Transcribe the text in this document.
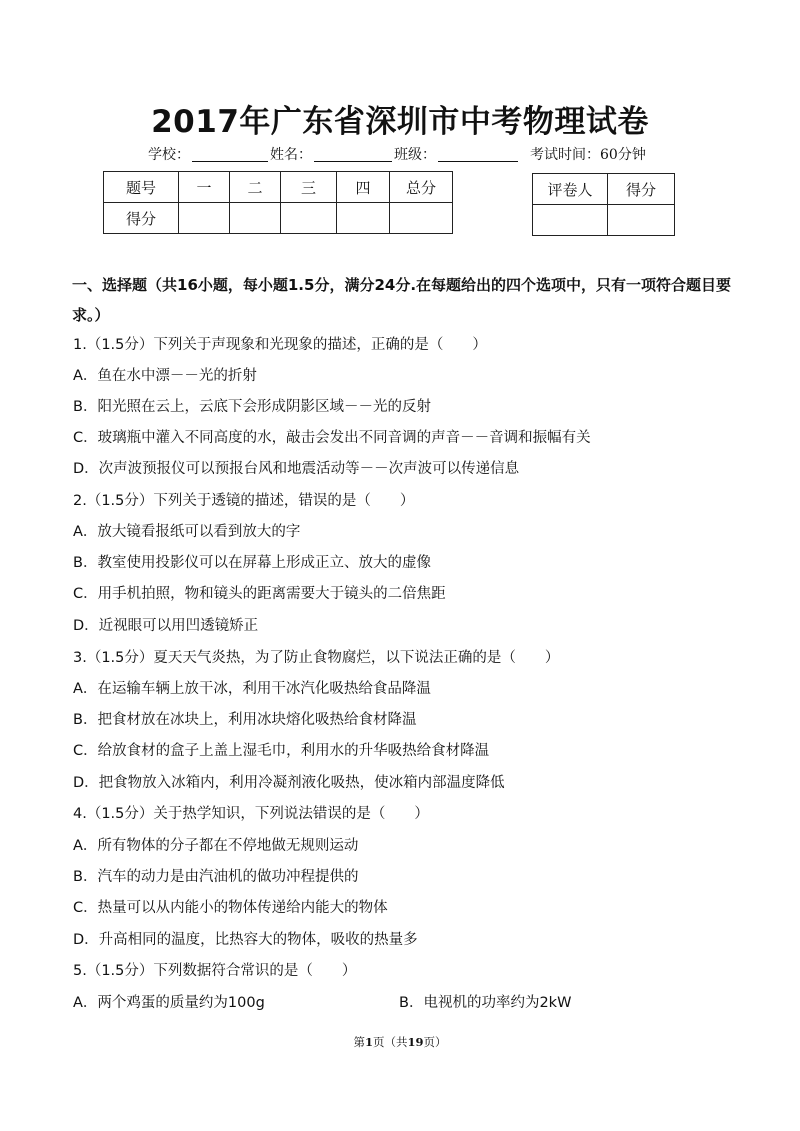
2017年广东省深圳市中考物理试卷
学校：	姓名：	班级：	考试时间：60分钟
题号	一	二	三	四	总分
得分					
评卷人	得分

一、选择题（共16小题，每小题1.5分，满分24分.在每题给出的四个选项中，只有一项符合题目要求。）
1.（1.5分）下列关于声现象和光现象的描述，正确的是（　　）
A．鱼在水中漂－－光的折射
B．阳光照在云上，云底下会形成阴影区域－－光的反射
C．玻璃瓶中灌入不同高度的水，敲击会发出不同音调的声音－－音调和振幅有关
D．次声波预报仪可以预报台风和地震活动等－－次声波可以传递信息
2.（1.5分）下列关于透镜的描述，错误的是（　　）
A．放大镜看报纸可以看到放大的字
B．教室使用投影仪可以在屏幕上形成正立、放大的虚像
C．用手机拍照，物和镜头的距离需要大于镜头的二倍焦距
D．近视眼可以用凹透镜矫正
3.（1.5分）夏天天气炎热，为了防止食物腐烂，以下说法正确的是（　　）
A．在运输车辆上放干冰，利用干冰汽化吸热给食品降温
B．把食材放在冰块上，利用冰块熔化吸热给食材降温
C．给放食材的盒子上盖上湿毛巾，利用水的升华吸热给食材降温
D．把食物放入冰箱内，利用冷凝剂液化吸热，使冰箱内部温度降低
4.（1.5分）关于热学知识，下列说法错误的是（　　）
A．所有物体的分子都在不停地做无规则运动
B．汽车的动力是由汽油机的做功冲程提供的
C．热量可以从内能小的物体传递给内能大的物体
D．升高相同的温度，比热容大的物体，吸收的热量多
5.（1.5分）下列数据符合常识的是（　　）
A．两个鸡蛋的质量约为100g	B．电视机的功率约为2kW
第1页（共19页）
